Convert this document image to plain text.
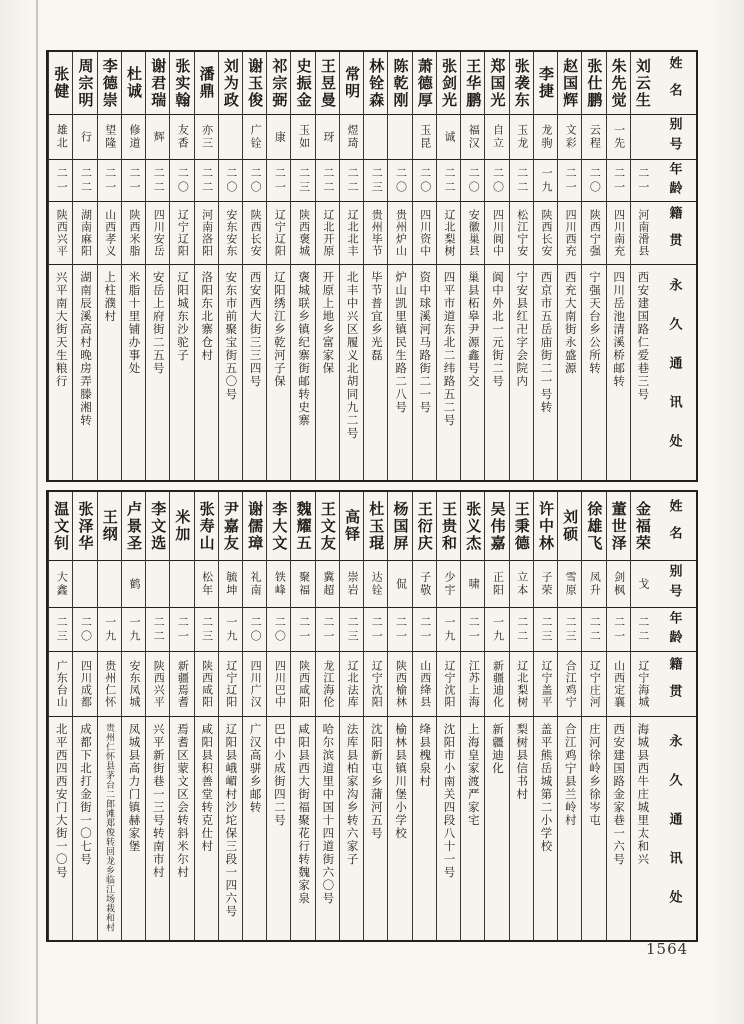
姓名
别号
年龄
籍贯
永久通讯处
刘云生
二一
河南滑县
西安建国路仁爱巷三号
朱先觉
一先
二一
四川南充
四川岳池清溪桥邮转
张仕鹏
云程
二〇
陕西宁强
宁强天台乡公所转
赵国辉
文彩
二一
四川西充
西充大南街永盛源
李捷
龙驹
一九
陕西长安
西京市五岳庙街二一号转
张袭东
玉龙
二二
松江宁安
宁安县红卍字会院内
郑国光
自立
二〇
四川阆中
阆中外北一元街二号
王华鹏
福汉
二〇
安徽巢县
巢县柘皋尹源鑫号交
张剑光
诚
二二
辽北梨树
四平市道东北二纬路五二号
萧德厚
玉昆
二〇
四川资中
资中球溪河马路街二一号
陈乾刚
二〇
贵州炉山
炉山凯里镇民生路二八号
林铨森
二三
贵州毕节
毕节普宜乡光磊
常明
煜琦
二二
辽北北丰
北丰中兴区履义北胡同九二号
王昱曼
玡
二二
辽北开原
开原上地乡富家保
史振金
玉如
二三
陕西褒城
褒城联乡镇纪寨街邮转史寨
祁宗弼
康
二一
辽宁辽阳
辽阳绣江乡乾河子保
谢玉俊
广铨
二〇
陕西长安
西安西大街三三四号
刘为政
二〇
安东安东
安东市前聚宝街五〇号
潘鼎
亦三
二二
河南洛阳
洛阳东北寨仓村
张实翰
友香
二〇
辽宁辽阳
辽阳城东沙驼子
谢君瑞
辉
二二
四川安岳
安岳上府街二五号
杜诚
修道
二一
陕西米脂
米脂十里铺办事处
李德崇
望隆
二一
山西孝义
上柱濮村
周宗明
行
二二
湖南麻阳
湖南辰溪高村晚房弄滕湘转
张健
雄北
二一
陕西兴平
兴平南大街天生粮行
姓名
别号
年龄
籍贯
永久通讯处
金福荣
戈
二二
辽宁海城
海城县西牛庄城里太和兴
董世泽
剑枫
二一
山西定襄
西安建国路金家巷一六号
徐雄飞
凤升
二二
辽宁庄河
庄河徐岭乡徐岑屯
刘硕
雪原
二三
合江鸡宁
合江鸡宁县兰岭村
许中林
子荣
二三
辽宁盖平
盖平熊岳城第二小学校
王秉德
立本
二二
辽北梨树
梨树县信书村
吴伟嘉
正阳
一九
新疆迪化
新疆迪化
张义杰
啸
二一
江苏上海
上海皇家渡严家宅
王贵和
少宇
一九
辽宁沈阳
沈阳市小南关四段八十一号
王衍庆
子敬
二一
山西绛县
绛县槐泉村
杨国屏
侃
二一
陕西榆林
榆林县镇川堡小学校
杜玉琨
达铨
二一
辽宁沈阳
沈阳新屯乡蒲河五号
高铎
崇岩
二三
辽北法库
法库县柏家沟乡转六家子
王文友
冀超
二一
龙江海伦
哈尔滨道里中国十四道街六〇号
魏耀五
聚福
二一
陕西咸阳
咸阳县西大街福聚花行转魏家泉
李大文
铁峰
二〇
四川巴中
巴中小成街四二号
谢儒璋
礼南
二〇
四川广汉
广汉高骈乡邮转
尹嘉友
毓坤
一九
辽宁辽阳
辽阳县峨嵋村沙坨保三段一四六号
张寿山
松年
二三
陕西咸阳
咸阳县积善堂转克仕村
米加
二一
新疆焉耆
焉耆区蒙文区会转斜米尔村
李文选
二二
陕西兴平
兴平新街巷一三号转南市村
卢景圣
鹤
一九
安东凤城
凤城县高力门镇赫家堡
王纲
一九
贵州仁怀
贵州仁怀县茅台二郎滩郑俊转回龙乡临江场栽和村
张泽华
二〇
四川成都
成都下北打金街一〇七号
温文钊
大鑫
二三
广东台山
北平西四西安门大街一〇号
1564
